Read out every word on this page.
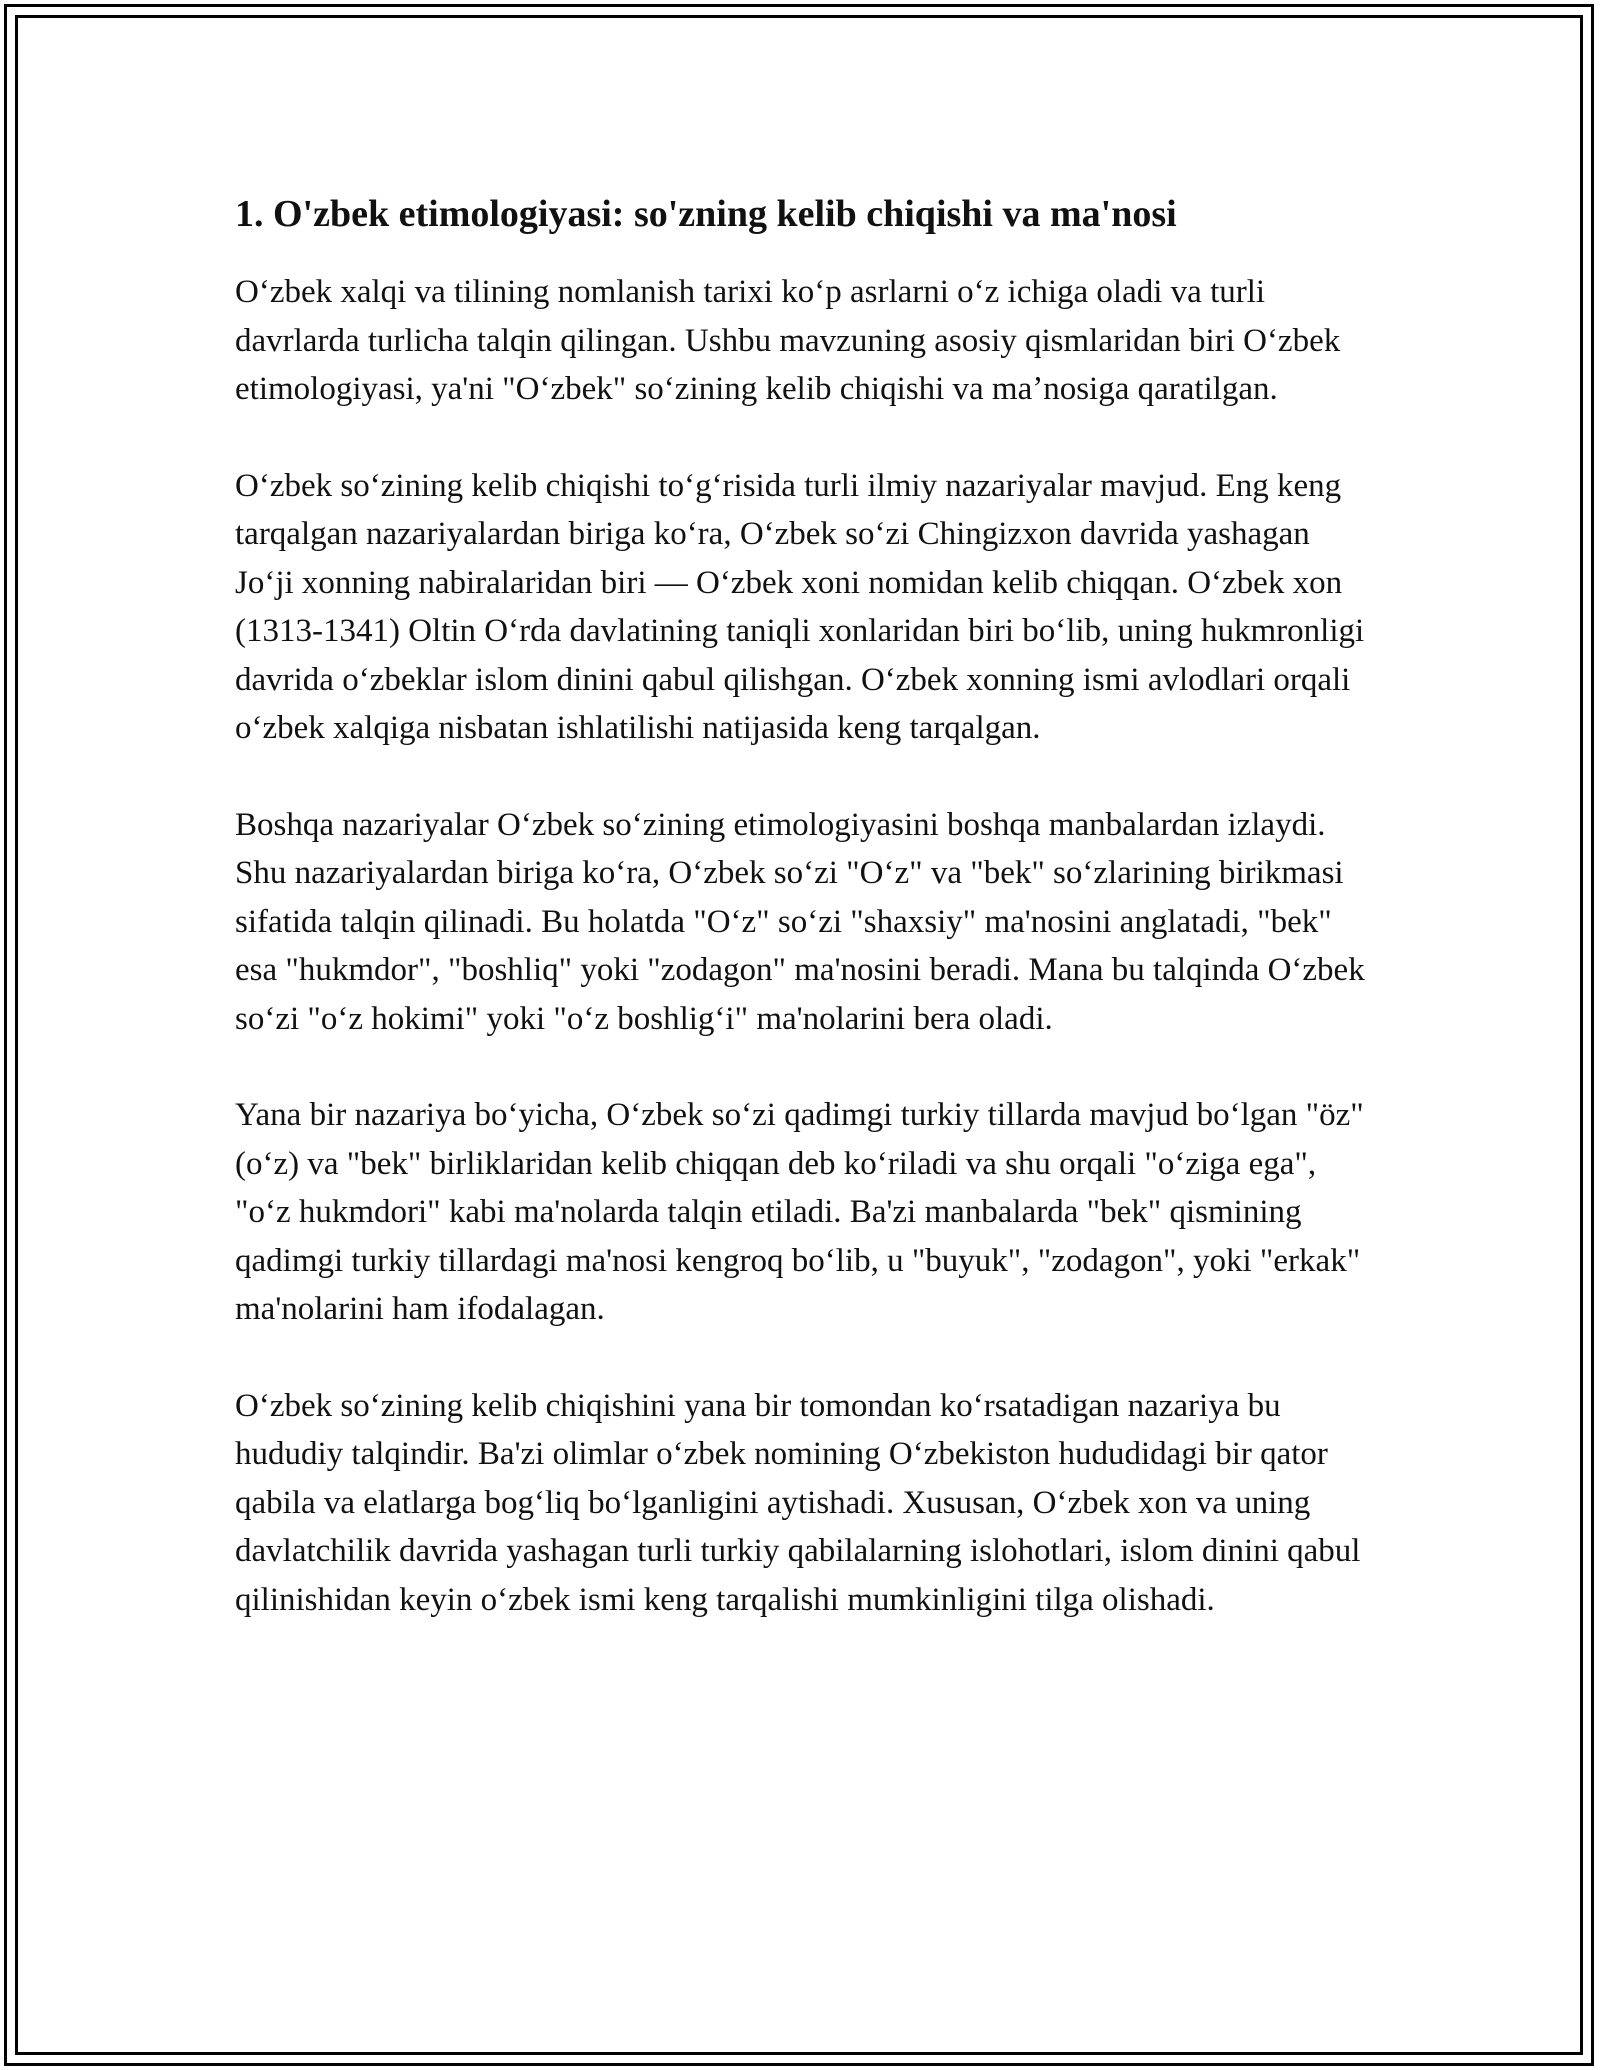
1. O'zbek etimologiyasi: so'zning kelib chiqishi va ma'nosi

Oʻzbek xalqi va tilining nomlanish tarixi koʻp asrlarni oʻz ichiga oladi va turli davrlarda turlicha talqin qilingan. Ushbu mavzuning asosiy qismlaridan biri Oʻzbek etimologiyasi, ya'ni "Oʻzbek" soʻzining kelib chiqishi va maʼnosiga qaratilgan.

Oʻzbek soʻzining kelib chiqishi toʻgʻrisida turli ilmiy nazariyalar mavjud. Eng keng tarqalgan nazariyalardan biriga koʻra, Oʻzbek soʻzi Chingizxon davrida yashagan Joʻji xonning nabiralaridan biri — Oʻzbek xoni nomidan kelib chiqqan. Oʻzbek xon (1313-1341) Oltin Oʻrda davlatining taniqli xonlaridan biri boʻlib, uning hukmronligi davrida oʻzbeklar islom dinini qabul qilishgan. Oʻzbek xonning ismi avlodlari orqali oʻzbek xalqiga nisbatan ishlatilishi natijasida keng tarqalgan.

Boshqa nazariyalar Oʻzbek soʻzining etimologiyasini boshqa manbalardan izlaydi. Shu nazariyalardan biriga koʻra, Oʻzbek soʻzi "Oʻz" va "bek" soʻzlarining birikmasi sifatida talqin qilinadi. Bu holatda "Oʻz" soʻzi "shaxsiy" ma'nosini anglatadi, "bek" esa "hukmdor", "boshliq" yoki "zodagon" ma'nosini beradi. Mana bu talqinda Oʻzbek soʻzi "oʻz hokimi" yoki "oʻz boshligʻi" ma'nolarini bera oladi.

Yana bir nazariya boʻyicha, Oʻzbek soʻzi qadimgi turkiy tillarda mavjud boʻlgan "öz" (oʻz) va "bek" birliklaridan kelib chiqqan deb koʻriladi va shu orqali "oʻziga ega", "oʻz hukmdori" kabi ma'nolarda talqin etiladi. Ba'zi manbalarda "bek" qismining qadimgi turkiy tillardagi ma'nosi kengroq boʻlib, u "buyuk", "zodagon", yoki "erkak" ma'nolarini ham ifodalagan.

Oʻzbek soʻzining kelib chiqishini yana bir tomondan koʻrsatadigan nazariya bu hududiy talqindir. Ba'zi olimlar oʻzbek nomining Oʻzbekiston hududidagi bir qator qabila va elatlarga bogʻliq boʻlganligini aytishadi. Xususan, Oʻzbek xon va uning davlatchilik davrida yashagan turli turkiy qabilalarning islohotlari, islom dinini qabul qilinishidan keyin oʻzbek ismi keng tarqalishi mumkinligini tilga olishadi.
